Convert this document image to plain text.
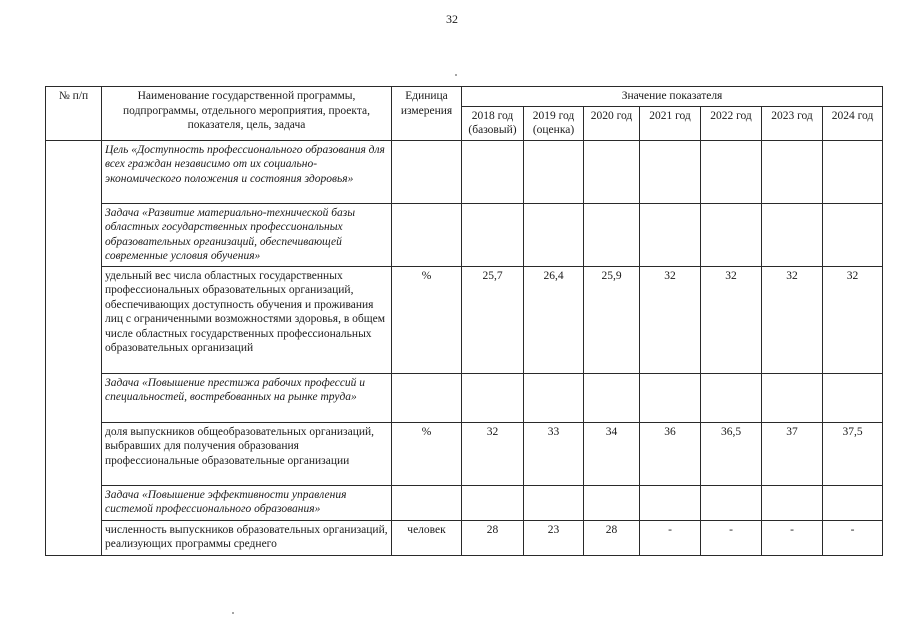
32
№ п/п	Наименование государственной программы, подпрограммы, отдельного мероприятия, проекта, показателя, цель, задача	Единица измерения	Значение показателя						
			2018 год (базовый)	2019 год (оценка)	2020 год	2021 год	2022 год	2023 год	2024 год
	Цель «Доступность профессионального образования для всех граждан независимо от их социально-экономического положения и состояния здоровья»								
	Задача «Развитие материально-технической базы областных государственных профессиональных образовательных организаций, обеспечивающей современные условия обучения»								
	удельный вес числа областных государственных профессиональных образовательных организаций, обеспечивающих доступность обучения и проживания лиц с ограниченными возможностями здоровья, в общем числе областных государственных профессиональных образовательных организаций	%	25,7	26,4	25,9	32	32	32	32
	Задача «Повышение престижа рабочих профессий и специальностей, востребованных на рынке труда»								
	доля выпускников общеобразовательных организаций, выбравших для получения образования профессиональные образовательные организации	%	32	33	34	36	36,5	37	37,5
	Задача «Повышение эффективности управления системой профессионального образования»								
	численность выпускников образовательных организаций, реализующих программы среднего	человек	28	23	28	-	-	-	-
